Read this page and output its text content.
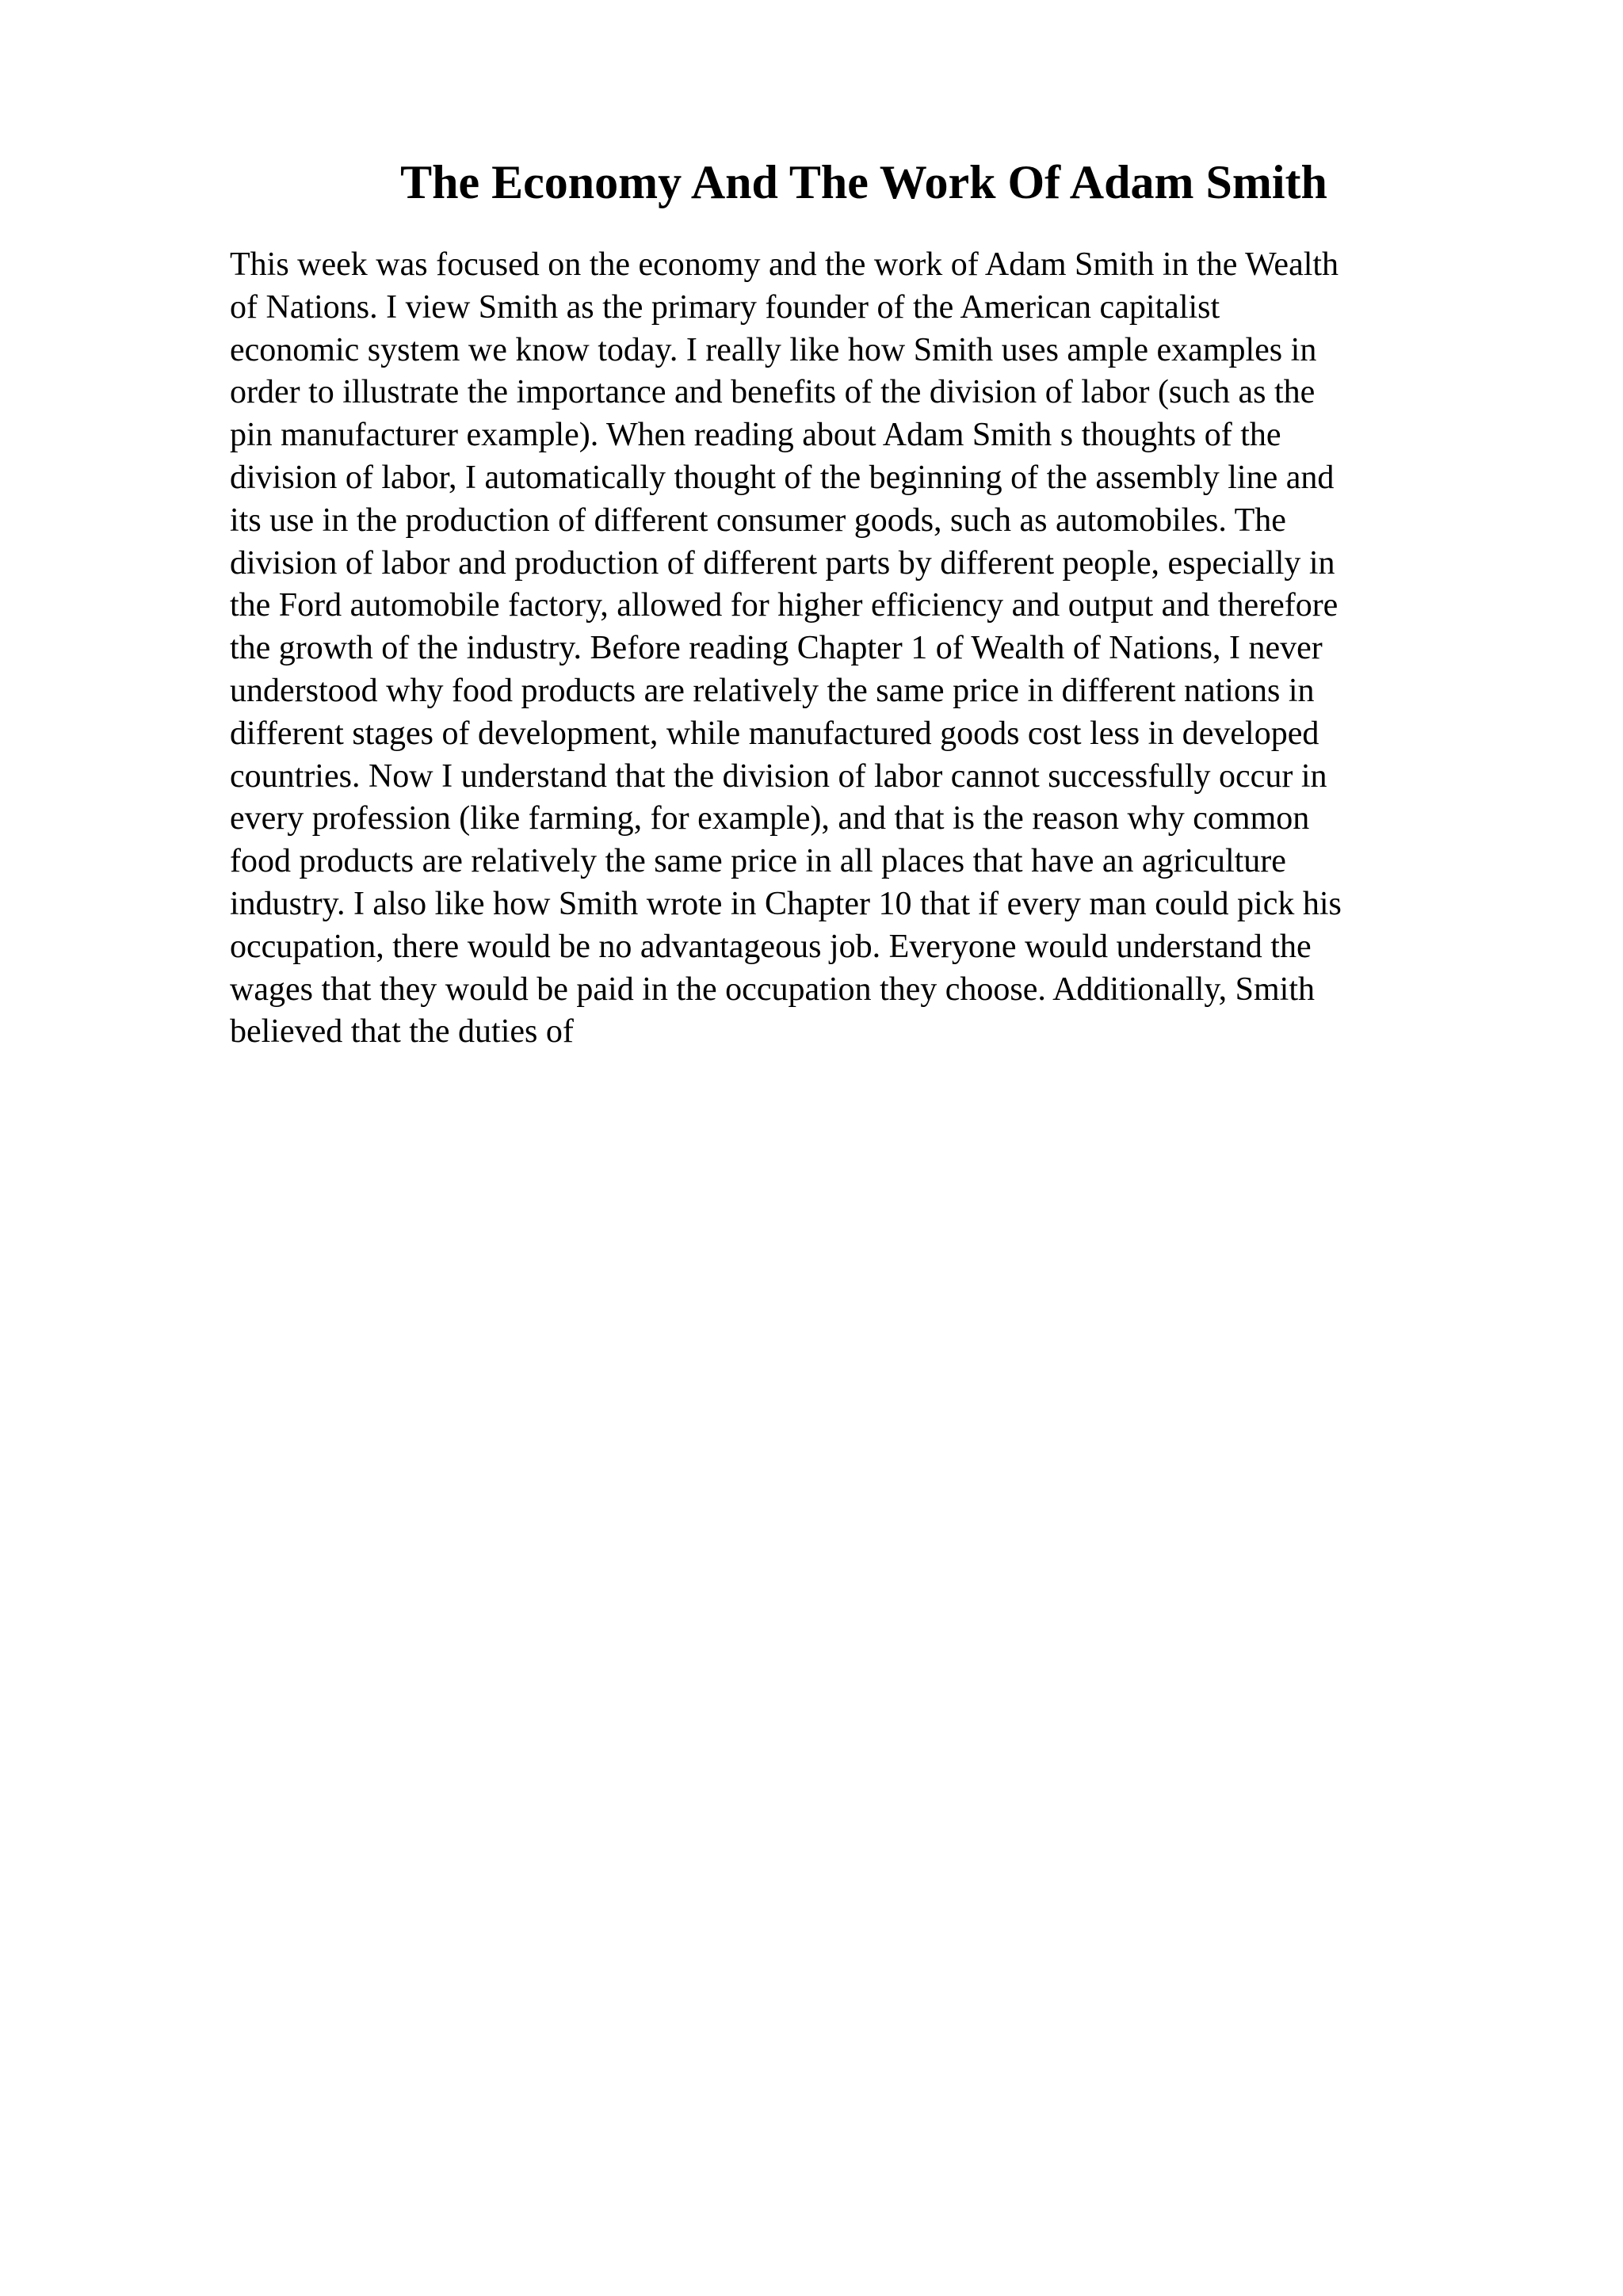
The Economy And The Work Of Adam Smith
This week was focused on the economy and the work of Adam Smith in the Wealth
of Nations. I view Smith as the primary founder of the American capitalist
economic system we know today. I really like how Smith uses ample examples in
order to illustrate the importance and benefits of the division of labor (such as the
pin manufacturer example). When reading about Adam Smith s thoughts of the
division of labor, I automatically thought of the beginning of the assembly line and
its use in the production of different consumer goods, such as automobiles. The
division of labor and production of different parts by different people, especially in
the Ford automobile factory, allowed for higher efficiency and output and therefore
the growth of the industry. Before reading Chapter 1 of Wealth of Nations, I never
understood why food products are relatively the same price in different nations in
different stages of development, while manufactured goods cost less in developed
countries. Now I understand that the division of labor cannot successfully occur in
every profession (like farming, for example), and that is the reason why common
food products are relatively the same price in all places that have an agriculture
industry. I also like how Smith wrote in Chapter 10 that if every man could pick his
occupation, there would be no advantageous job. Everyone would understand the
wages that they would be paid in the occupation they choose. Additionally, Smith
believed that the duties of
